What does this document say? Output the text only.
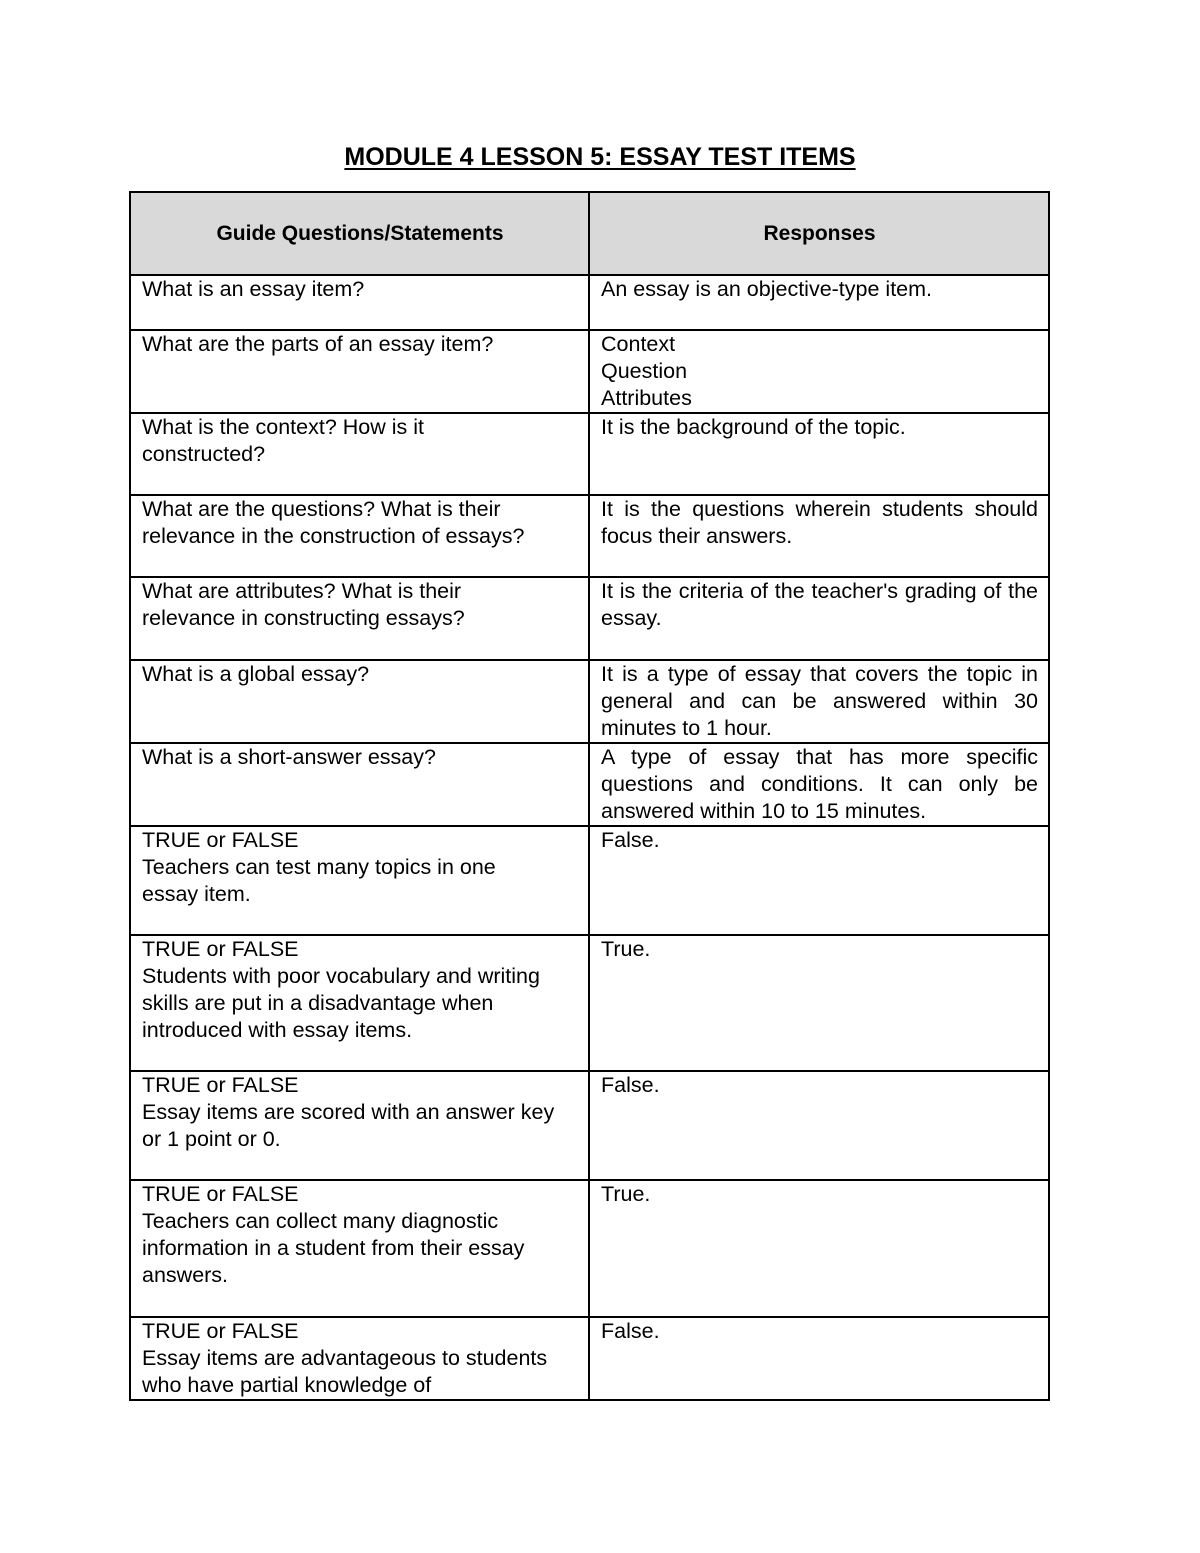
MODULE 4 LESSON 5: ESSAY TEST ITEMS
Guide Questions/Statements	Responses

What is an essay item?	An essay is an objective-type item.

What are the parts of an essay item?	Context
Question
Attributes

What is the context? How is it constructed?	It is the background of the topic.

What are the questions? What is their relevance in the construction of essays?	It is the questions wherein students should focus their answers.

What are attributes? What is their relevance in constructing essays?	It is the criteria of the teacher's grading of the essay.

What is a global essay?	It is a type of essay that covers the topic in general and can be answered within 30 minutes to 1 hour.

What is a short-answer essay?	A type of essay that has more specific questions and conditions. It can only be answered within 10 to 15 minutes.

TRUE or FALSE
Teachers can test many topics in one essay item.	False.

TRUE or FALSE
Students with poor vocabulary and writing skills are put in a disadvantage when introduced with essay items.	True.

TRUE or FALSE
Essay items are scored with an answer key or 1 point or 0.	False.

TRUE or FALSE
Teachers can collect many diagnostic information in a student from their essay answers.	True.

TRUE or FALSE
Essay items are advantageous to students who have partial knowledge of	False.
